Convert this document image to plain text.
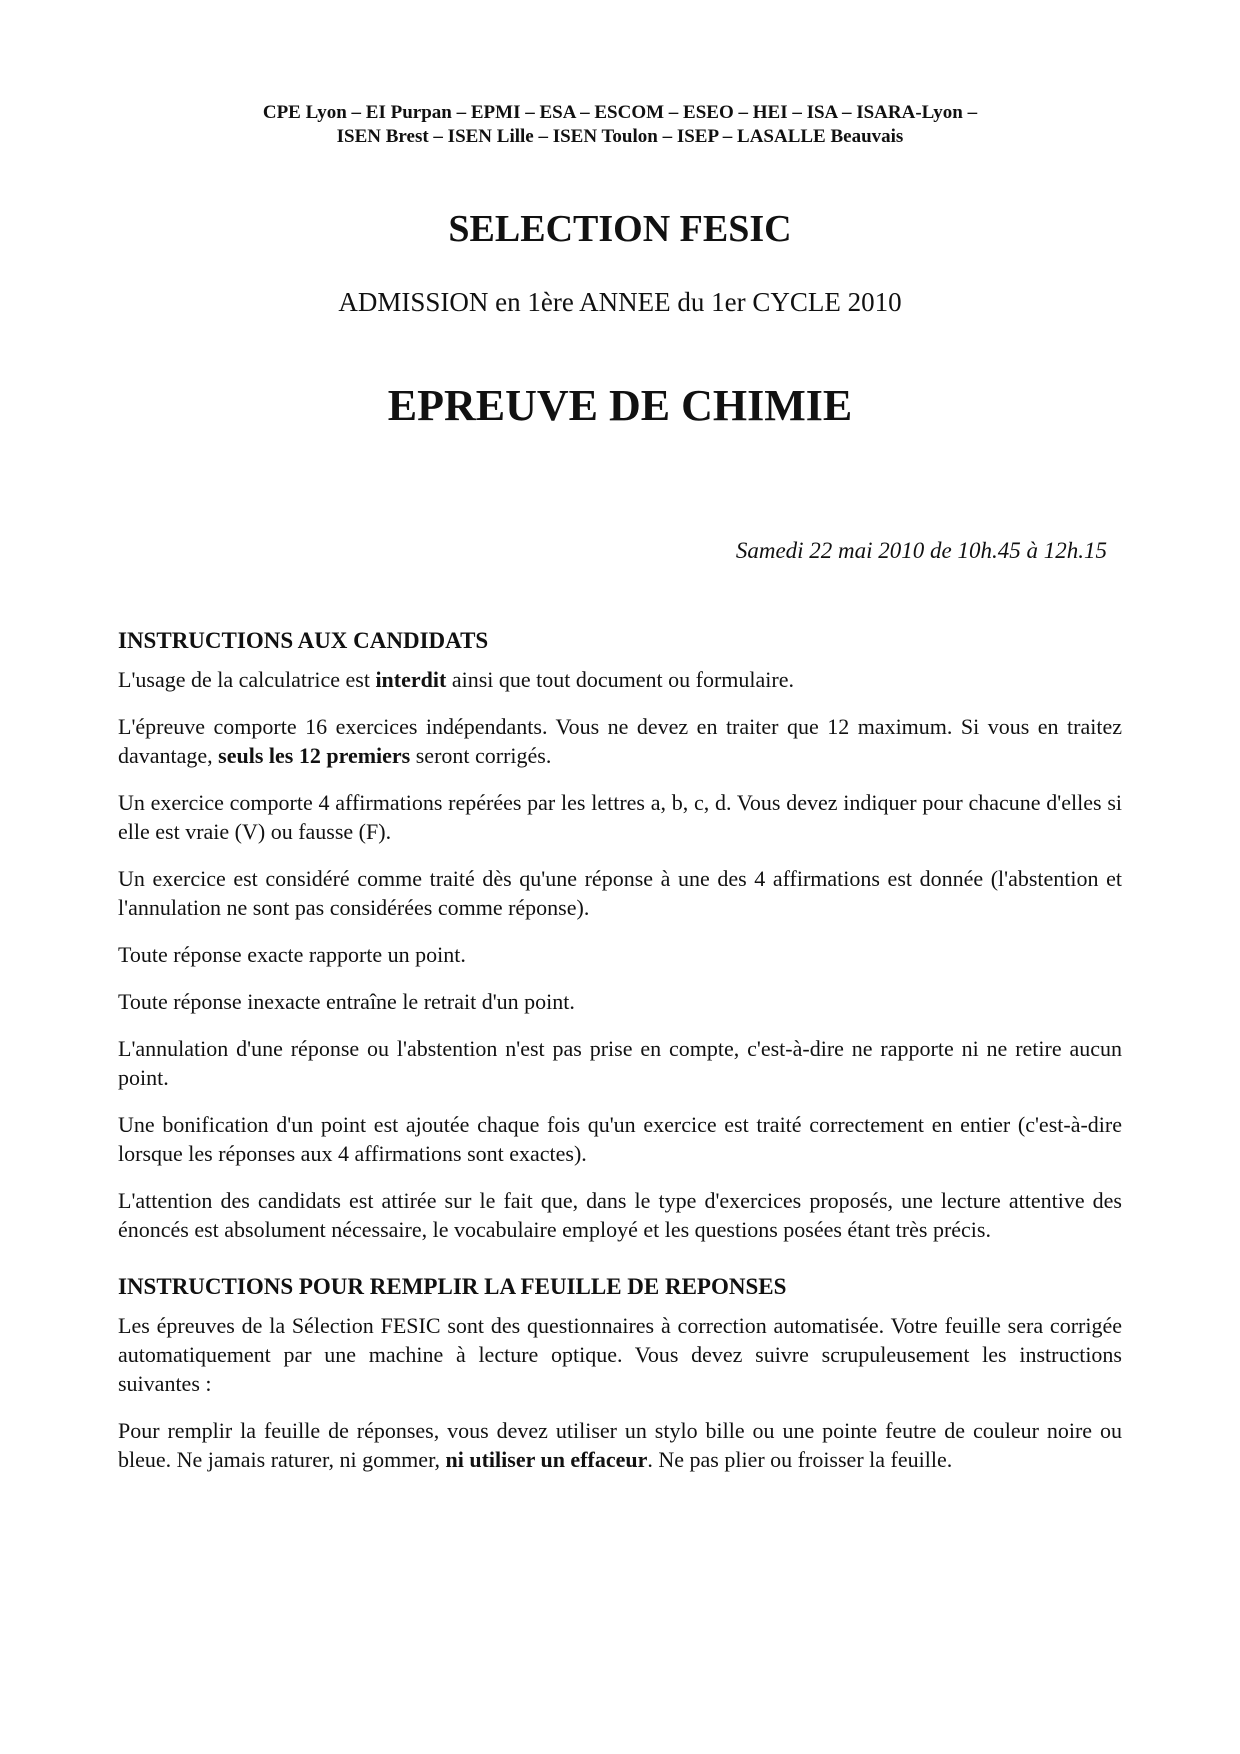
CPE Lyon – EI Purpan – EPMI – ESA – ESCOM – ESEO – HEI – ISA – ISARA-Lyon –
ISEN Brest – ISEN Lille – ISEN Toulon – ISEP – LASALLE Beauvais
SELECTION FESIC
ADMISSION en 1ère ANNEE du 1er CYCLE 2010
EPREUVE DE CHIMIE
Samedi 22 mai 2010 de 10h.45 à 12h.15
INSTRUCTIONS AUX CANDIDATS

L'usage de la calculatrice est interdit ainsi que tout document ou formulaire.

L'épreuve comporte 16 exercices indépendants. Vous ne devez en traiter que 12 maximum. Si vous en traitez davantage, seuls les 12 premiers seront corrigés.

Un exercice comporte 4 affirmations repérées par les lettres a, b, c, d. Vous devez indiquer pour chacune d'elles si elle est vraie (V) ou fausse (F).

Un exercice est considéré comme traité dès qu'une réponse à une des 4 affirmations est donnée (l'abstention et l'annulation ne sont pas considérées comme réponse).

Toute réponse exacte rapporte un point.

Toute réponse inexacte entraîne le retrait d'un point.

L'annulation d'une réponse ou l'abstention n'est pas prise en compte, c'est-à-dire ne rapporte ni ne retire aucun point.

Une bonification d'un point est ajoutée chaque fois qu'un exercice est traité correctement en entier (c'est-à-dire lorsque les réponses aux 4 affirmations sont exactes).

L'attention des candidats est attirée sur le fait que, dans le type d'exercices proposés, une lecture attentive des énoncés est absolument nécessaire, le vocabulaire employé et les questions posées étant très précis.

INSTRUCTIONS POUR REMPLIR LA FEUILLE DE REPONSES

Les épreuves de la Sélection FESIC sont des questionnaires à correction automatisée. Votre feuille sera corrigée automatiquement par une machine à lecture optique. Vous devez suivre scrupuleusement les instructions suivantes :

Pour remplir la feuille de réponses, vous devez utiliser un stylo bille ou une pointe feutre de couleur noire ou bleue. Ne jamais raturer, ni gommer, ni utiliser un effaceur. Ne pas plier ou froisser la feuille.
